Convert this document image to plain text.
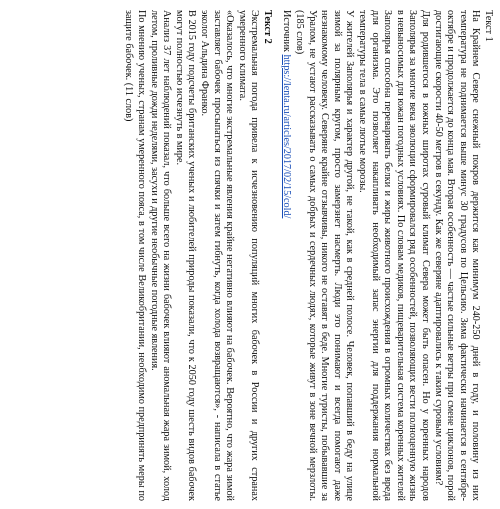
Текст 1

На Крайнем Севере снежный покров держится как минимум 240-250 дней в году, и половину из них температура не поднимается выше минус 30 градусов по Цельсию. Зима фактически начинается в сентябре-октябре и продолжается до конца мая. Вторая особенность — частые сильные ветры при смене циклонов, порой достигающие скорости 40-50 метров в секунду. Как же северяне адаптировались к таким суровым условиям?

Для родившегося в южных широтах суровый климат Севера может быть опасен. Но у коренных народов Заполярья за многие века эволюции сформировался ряд особенностей, позволяющих вести полноценную жизнь в невыносимых для южан погодных условиях. По словам медиков, пищеварительная система коренных жителей Заполярья способна переваривать белки и жиры животного происхождения в огромных количествах без вреда для организма. Это позволяет накапливать необходимый запас энергии для поддержания нормальной температуры тела в самые лютые морозы.

У жителей Заполярья и характер другой, не такой, как в средней полосе. Человек, попавший в беду на улице зимой за полярным кругом, просто замерзнет насмерть. Люди это понимают и всегда помогают даже незнакомому человеку. Северяне крайне отзывчивы, никого не оставят в беде. Многие туристы, побывавшие за Уралом, не устают рассказывать о самых добрых и сердечных людях, которые живут в зоне вечной мерзлоты. (185 слов)

Источник https://lenta.ru/articles/2017/02/15/cold/

Текст 2

Экстремальная погода привела к исчезновению популяций многих бабочек в России и других странах умеренного климата.

«Оказалось, что многие экстремальные явления крайне негативно влияют на бабочек. Вероятно, что жара зимой заставляет бабочек просыпаться из спячки и затем гибнуть, когда холода возвращаются», - написала в статье эколог Альдина Франко.

В 2015 году подсчеты британских ученых и любителей природы показали, что к 2050 году шесть видов бабочек могут полностью исчезнуть в мире.

Анализ 37 лет наблюдений показал, что больше всего на жизни бабочек влияют аномальная жара зимой, холод летом, проливные дожди неделями, засухи и другие необычные погодные явления.

По мнению ученых, странам умеренного пояса, в том числе Великобритании, необходимо предпринять меры по защите бабочек. (11 слов)
